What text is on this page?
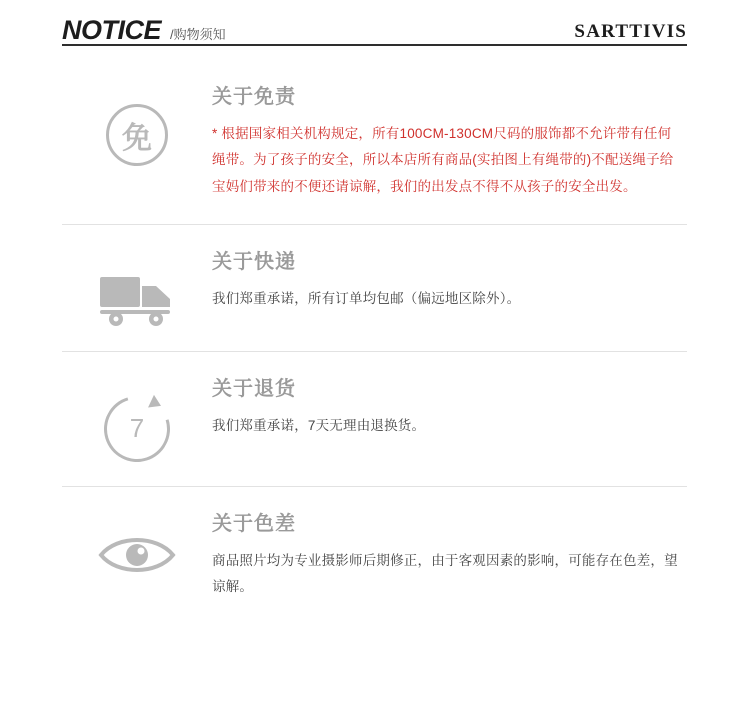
NOTICE /购物须知	SARTTIVIS
免
关于免责
* 根据国家相关机构规定，所有100CM-130CM尺码的服饰都不允许带有任何绳带。为了孩子的安全，所以本店所有商品(实拍图上有绳带的)不配送绳子给宝妈们带来的不便还请谅解，我们的出发点不得不从孩子的安全出发。
关于快递
我们郑重承诺，所有订单均包邮（偏远地区除外）。
7
关于退货
我们郑重承诺，7天无理由退换货。
关于色差
商品照片均为专业摄影师后期修正，由于客观因素的影响，可能存在色差，望谅解。
